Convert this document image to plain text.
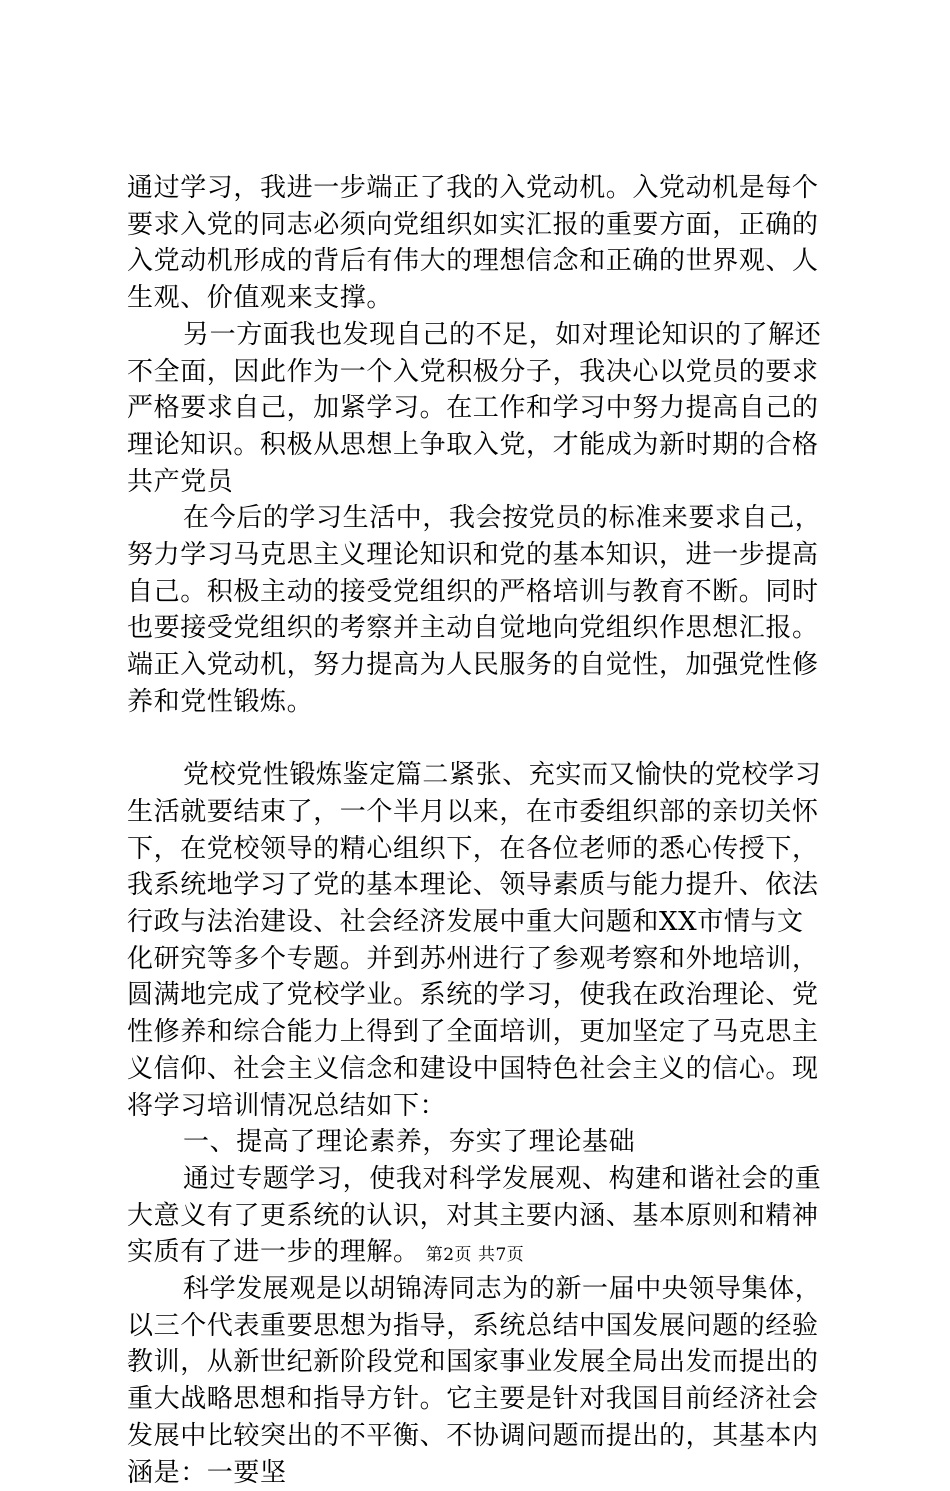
通过学习，我进一步端正了我的入党动机。入党动机是每个要求入党的同志必须向党组织如实汇报的重要方面，正确的入党动机形成的背后有伟大的理想信念和正确的世界观、人生观、价值观来支撑。

另一方面我也发现自己的不足，如对理论知识的了解还不全面，因此作为一个入党积极分子，我决心以党员的要求严格要求自己，加紧学习。在工作和学习中努力提高自己的理论知识。积极从思想上争取入党，才能成为新时期的合格共产党员

在今后的学习生活中，我会按党员的标准来要求自己，努力学习马克思主义理论知识和党的基本知识，进一步提高自己。积极主动的接受党组织的严格培训与教育不断。同时也要接受党组织的考察并主动自觉地向党组织作思想汇报。端正入党动机，努力提高为人民服务的自觉性，加强党性修养和党性锻炼。

党校党性锻炼鉴定篇二紧张、充实而又愉快的党校学习生活就要结束了，一个半月以来，在市委组织部的亲切关怀下，在党校领导的精心组织下，在各位老师的悉心传授下，我系统地学习了党的基本理论、领导素质与能力提升、依法行政与法治建设、社会经济发展中重大问题和XX市情与文化研究等多个专题。并到苏州进行了参观考察和外地培训，圆满地完成了党校学业。系统的学习，使我在政治理论、党性修养和综合能力上得到了全面培训，更加坚定了马克思主义信仰、社会主义信念和建设中国特色社会主义的信心。现将学习培训情况总结如下：

一、提高了理论素养，夯实了理论基础

通过专题学习，使我对科学发展观、构建和谐社会的重大意义有了更系统的认识，对其主要内涵、基本原则和精神实质有了进一步的理解。

科学发展观是以胡锦涛同志为的新一届中央领导集体，以三个代表重要思想为指导，系统总结中国发展问题的经验教训，从新世纪新阶段党和国家事业发展全局出发而提出的重大战略思想和指导方针。它主要是针对我国目前经济社会发展中比较突出的不平衡、不协调问题而提出的，其基本内涵是：一要坚

第2页 共7页
